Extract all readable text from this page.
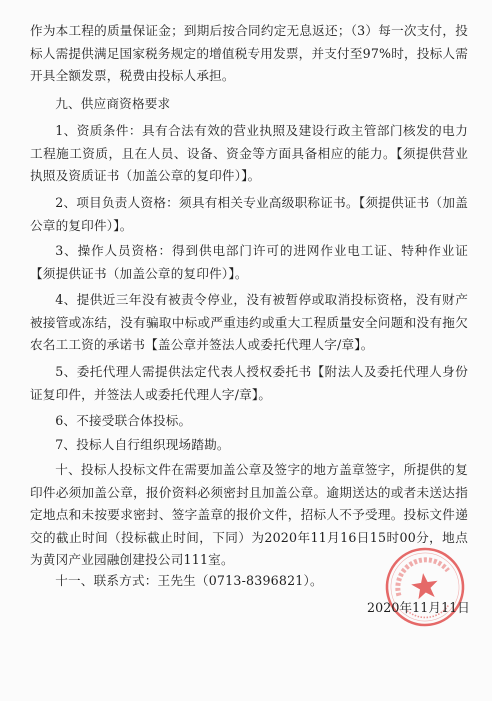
作为本工程的质量保证金；到期后按合同约定无息返还；（3）每一次支付，投标人需提供满足国家税务规定的增值税专用发票，并支付至97%时，投标人需开具全额发票，税费由投标人承担。

九、供应商资格要求

1、资质条件：具有合法有效的营业执照及建设行政主管部门核发的电力工程施工资质，且在人员、设备、资金等方面具备相应的能力。【须提供营业执照及资质证书（加盖公章的复印件）】。

2、项目负责人资格：须具有相关专业高级职称证书。【须提供证书（加盖公章的复印件）】。

3、操作人员资格：得到供电部门许可的进网作业电工证、特种作业证【须提供证书（加盖公章的复印件）】。

4、提供近三年没有被责令停业，没有被暂停或取消投标资格，没有财产被接管或冻结，没有骗取中标或严重违约或重大工程质量安全问题和没有拖欠农名工工资的承诺书【盖公章并签法人或委托代理人字/章】。

5、委托代理人需提供法定代表人授权委托书【附法人及委托代理人身份证复印件，并签法人或委托代理人字/章】。

6、不接受联合体投标。

7、投标人自行组织现场踏勘。

十、投标人投标文件在需要加盖公章及签字的地方盖章签字，所提供的复印件必须加盖公章，报价资料必须密封且加盖公章。逾期送达的或者未送达指定地点和未按要求密封、签字盖章的报价文件，招标人不予受理。投标文件递交的截止时间（投标截止时间，下同）为2020年11月16日15时00分，地点为黄冈产业园融创建投公司111室。

十一、联系方式：王先生（0713-8396821）。

2020年11月11日
